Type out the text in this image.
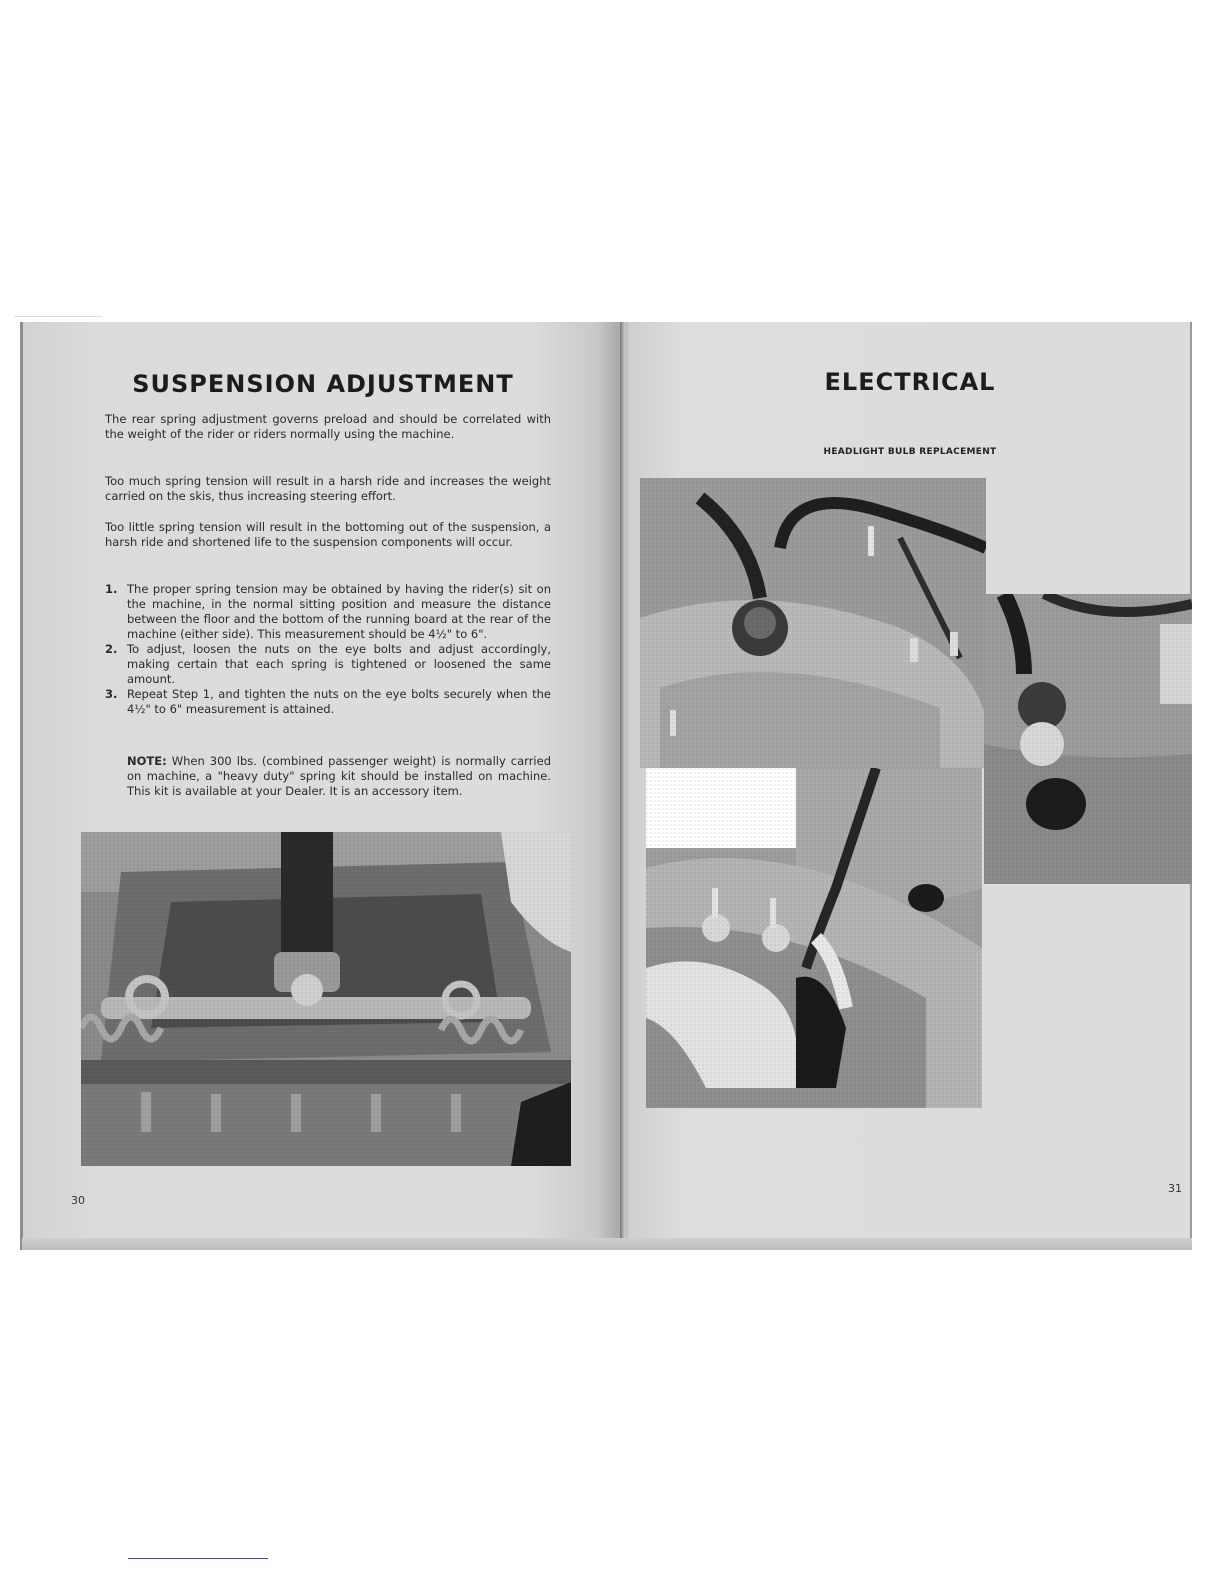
SUSPENSION ADJUSTMENT

The rear spring adjustment governs preload and should be correlated with the weight of the rider or riders normally using the machine.

Too much spring tension will result in a harsh ride and increases the weight carried on the skis, thus increasing steering effort.

Too little spring tension will result in the bottoming out of the suspension, a harsh ride and shortened life to the suspension components will occur.

1. The proper spring tension may be obtained by having the rider(s) sit on the machine, in the normal sitting position and measure the distance between the floor and the bottom of the running board at the rear of the machine (either side). This measurement should be 4½" to 6".
2. To adjust, loosen the nuts on the eye bolts and adjust accordingly, making certain that each spring is tightened or loosened the same amount.
3. Repeat Step 1, and tighten the nuts on the eye bolts securely when the 4½" to 6" measurement is attained.

NOTE: When 300 lbs. (combined passenger weight) is normally carried on machine, a "heavy duty" spring kit should be installed on machine. This kit is available at your Dealer. It is an accessory item.

30
ELECTRICAL
HEADLIGHT BULB REPLACEMENT
31
